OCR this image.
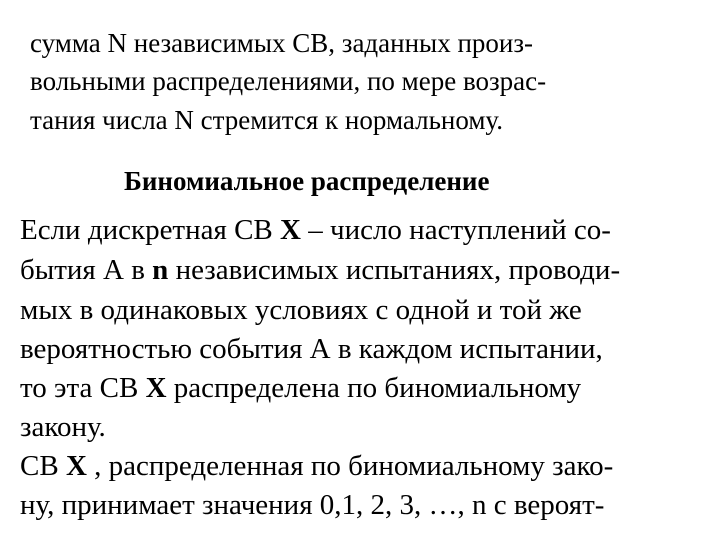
сумма N независимых СВ, заданных произ-
вольными распределениями, по мере возрас-
тания числа N стремится к нормальному.
Биномиальное распределение
Если дискретная СВ X – число наступлений со-
бытия А в n независимых испытаниях, проводи-
мых в одинаковых условиях с одной и той же
вероятностью события А в каждом испытании,
то эта СВ X распределена по биномиальному
закону.
СВ X , распределенная по биномиальному зако-
ну, принимает значения 0,1, 2, 3, …, n с вероят-
